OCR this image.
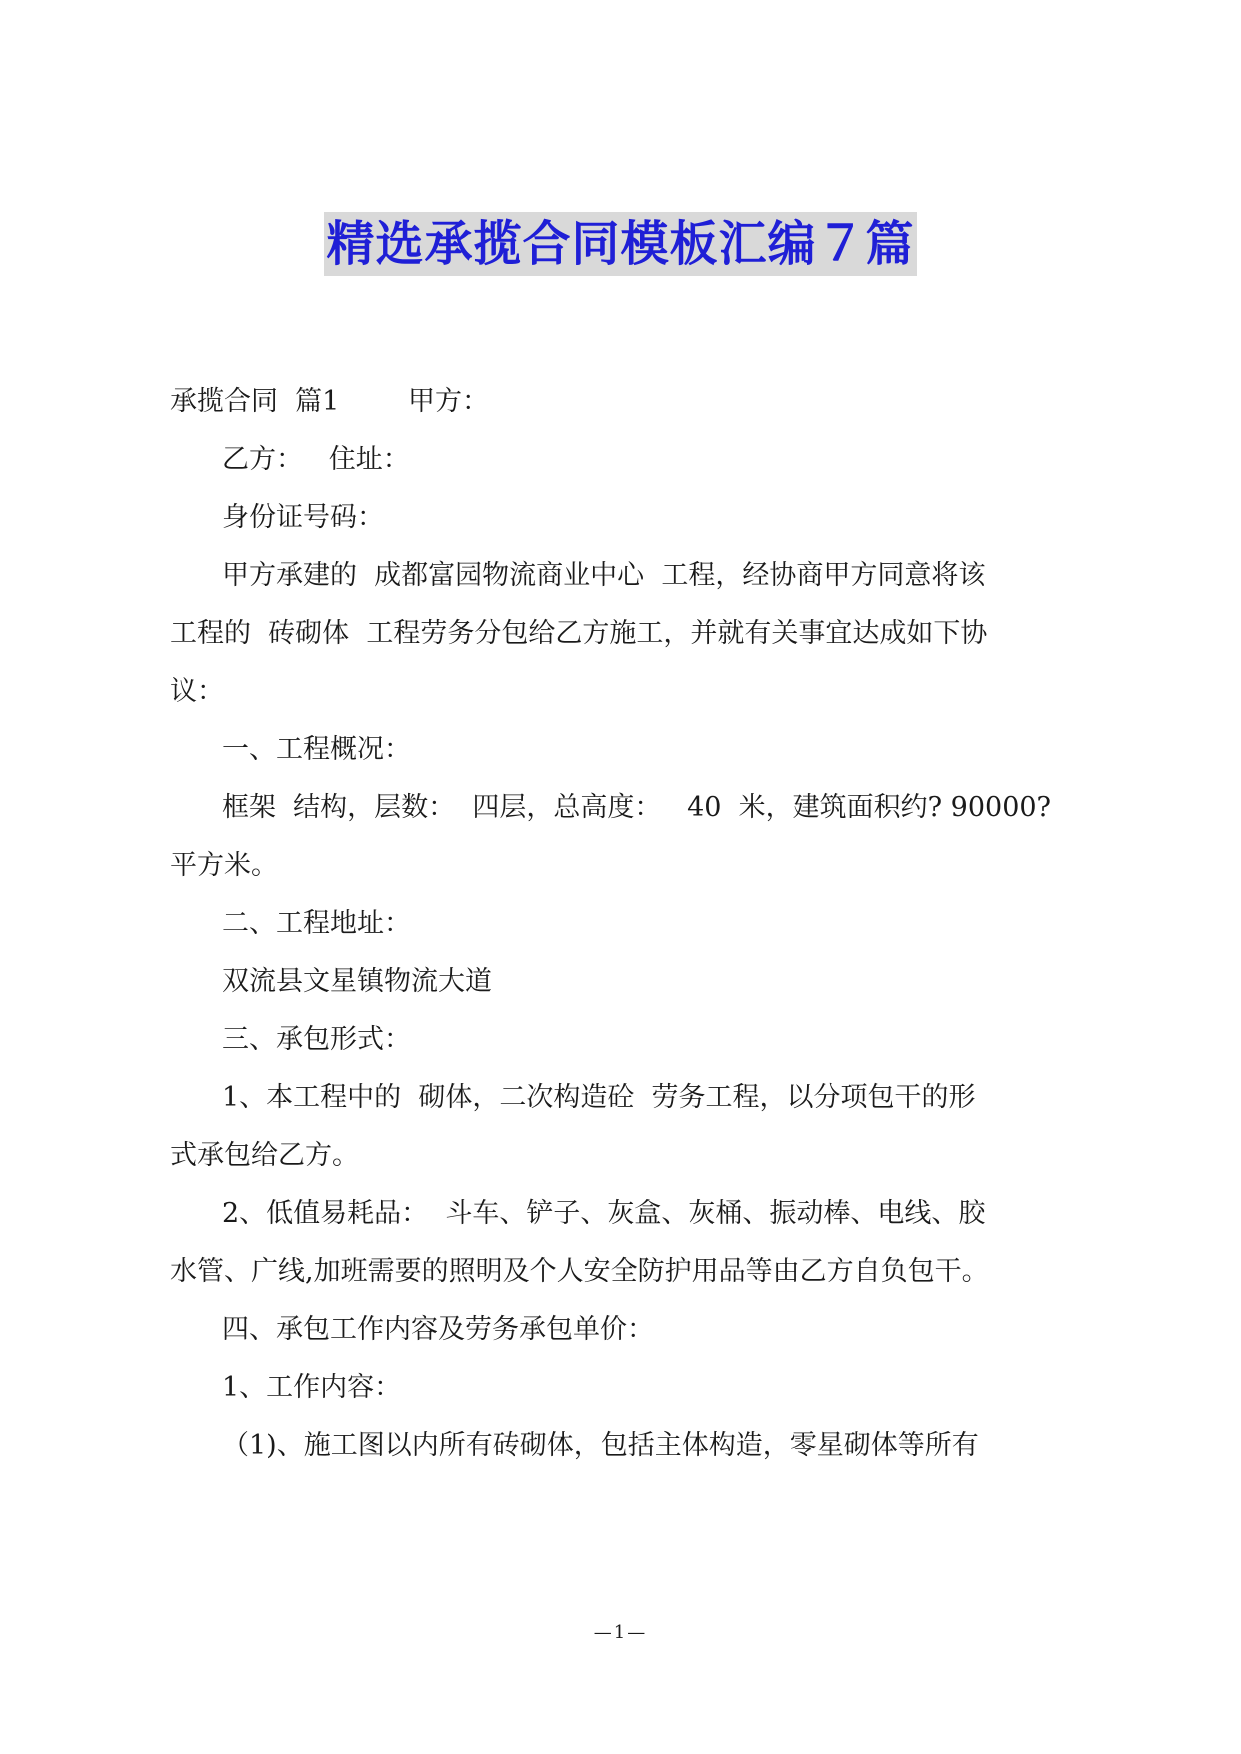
精选承揽合同模板汇编７篇
承揽合同  篇1        甲方：
乙方：   住址：
身份证号码：
甲方承建的  成都富园物流商业中心  工程，经协商甲方同意将该
工程的  砖砌体  工程劳务分包给乙方施工，并就有关事宜达成如下协
议：
一、工程概况：
框架  结构，层数：  四层，总高度：   40  米，建筑面积约? 90000?
平方米。
二、工程地址：
双流县文星镇物流大道
三、承包形式：
1、本工程中的  砌体，二次构造砼  劳务工程，以分项包干的形
式承包给乙方。
2、低值易耗品：  斗车、铲子、灰盒、灰桶、振动棒、电线、胶
水管、广线,加班需要的照明及个人安全防护用品等由乙方自负包干。
四、承包工作内容及劳务承包单价：
1、工作内容：
（1)、施工图以内所有砖砌体，包括主体构造，零星砌体等所有
—1—
